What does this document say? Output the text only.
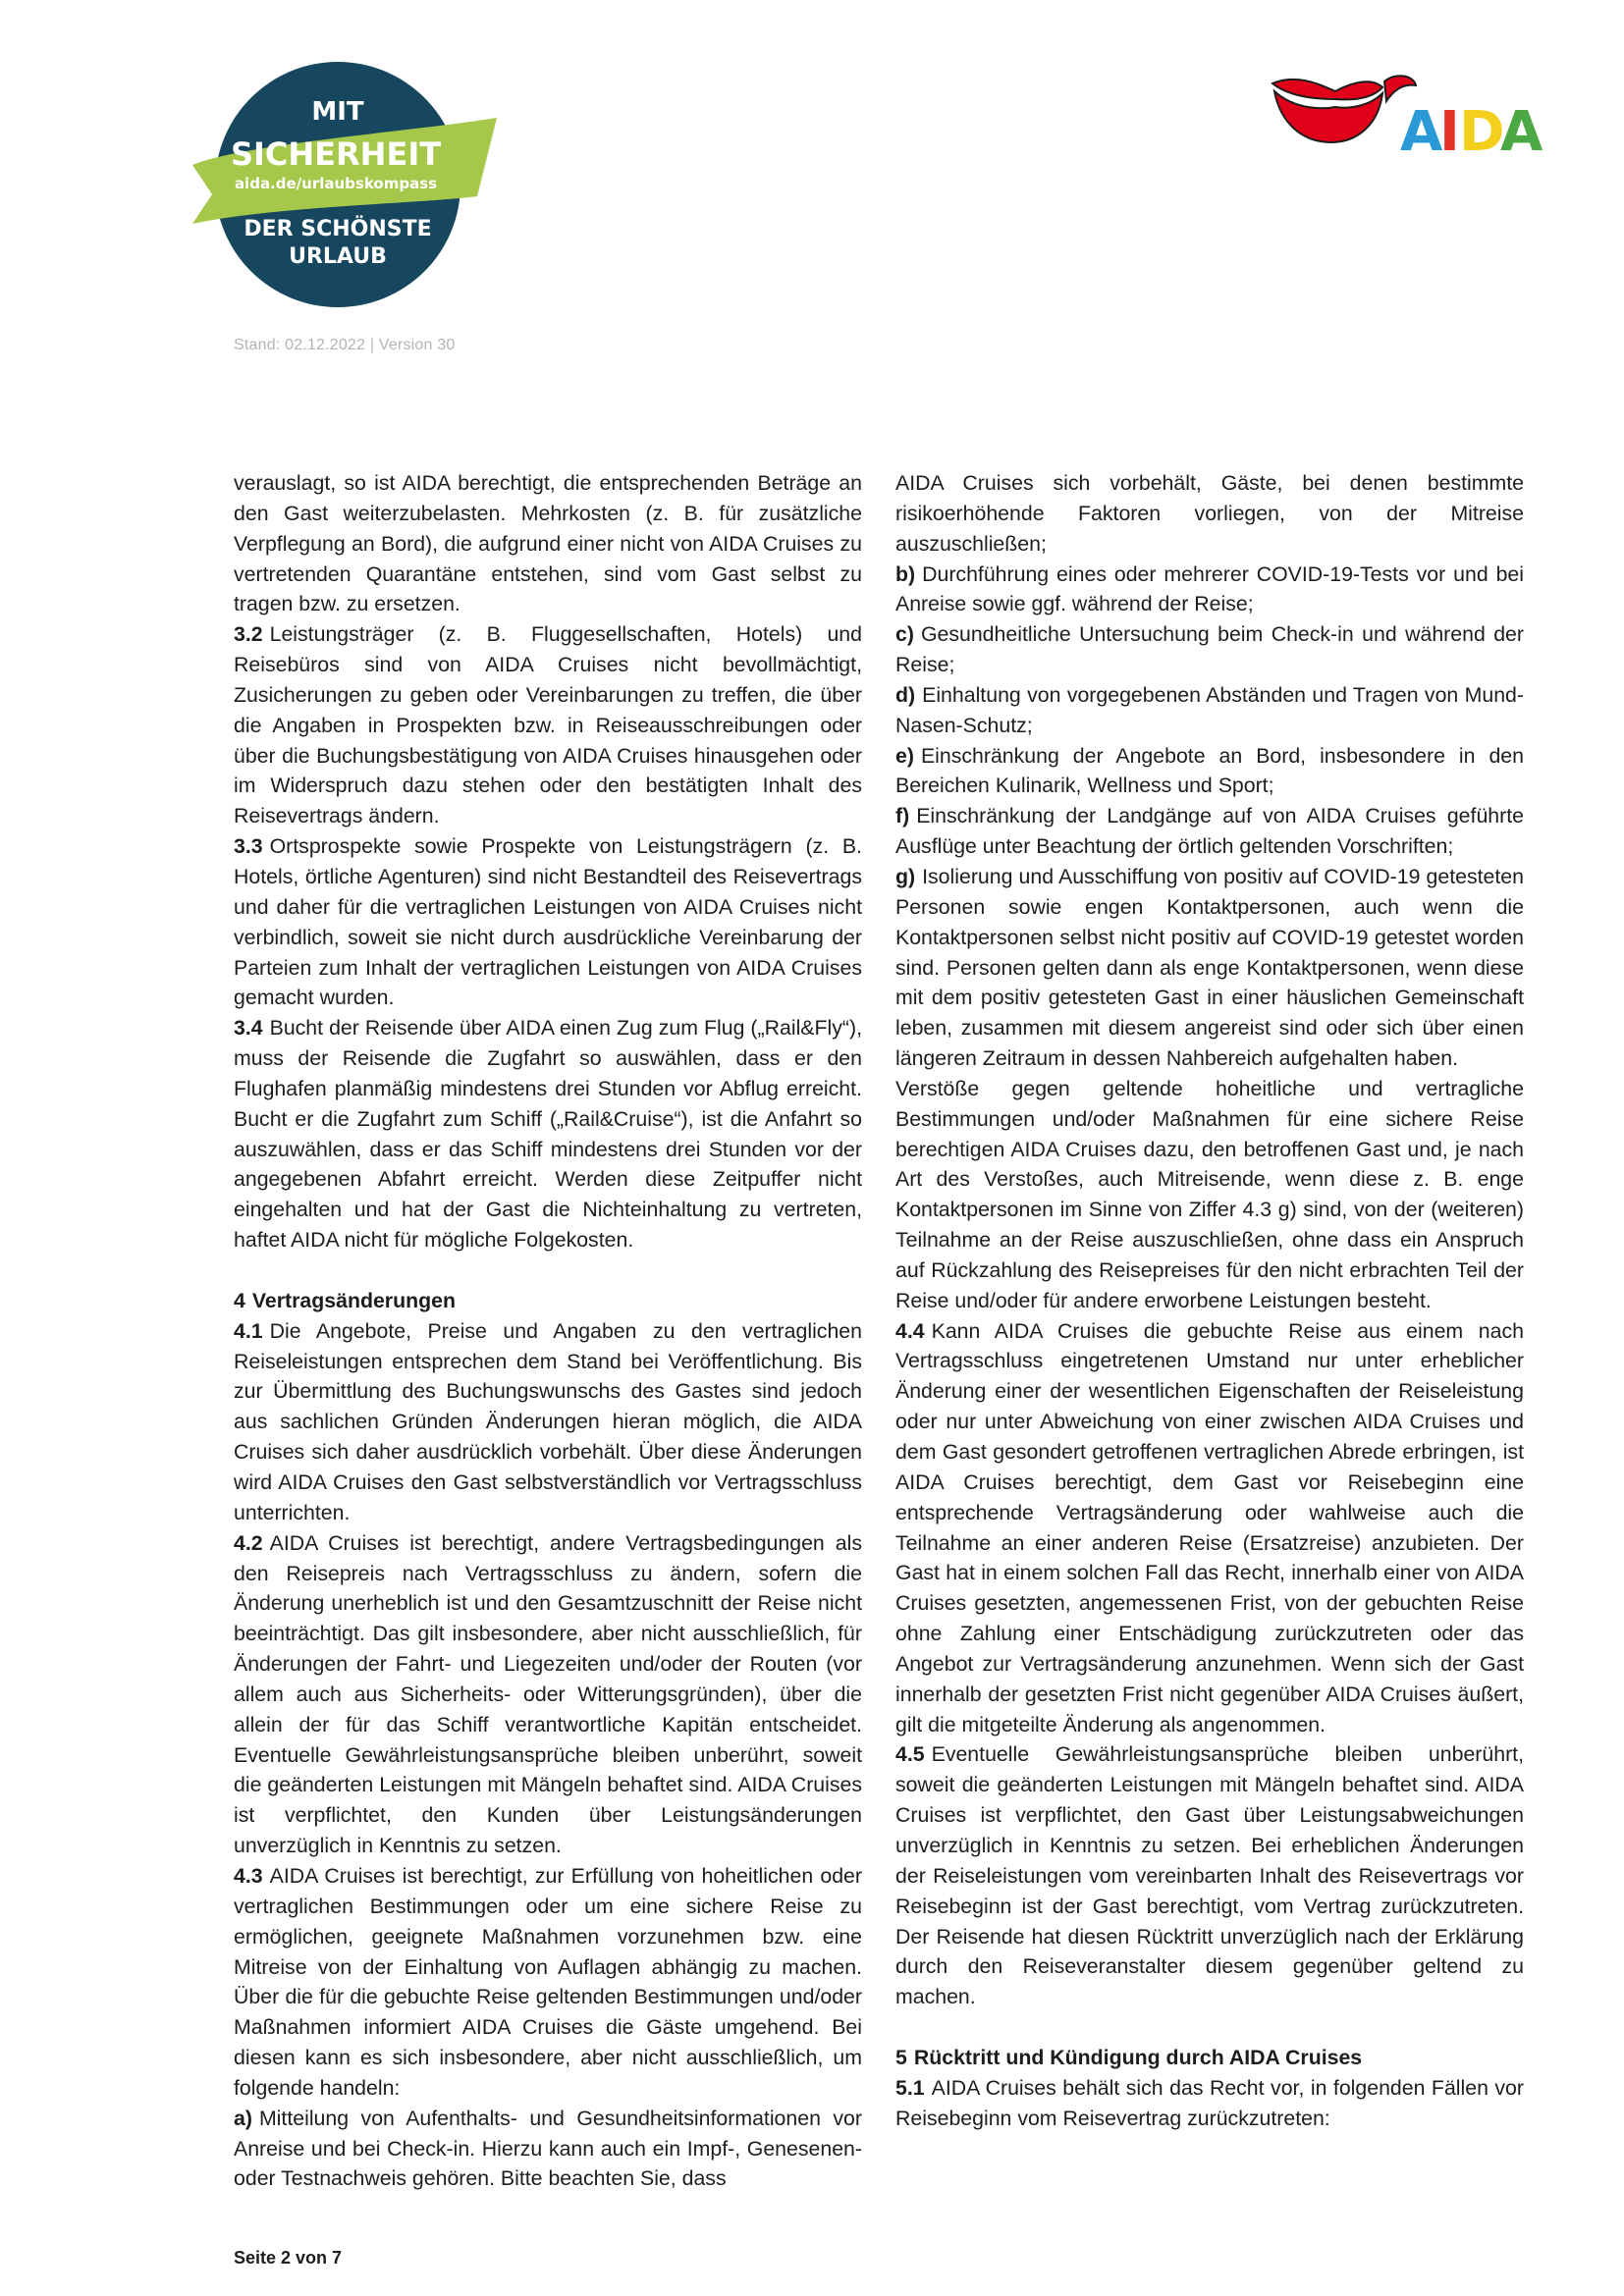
MIT
SICHERHEIT
aida.de/urlaubskompass
DER SCHÖNSTE
URLAUB
A
I D
A
Stand: 02.12.2022 | Version 30

verauslagt, so ist AIDA berechtigt, die entsprechenden Beträge an den Gast weiterzubelasten. Mehrkosten (z. B. für zusätzliche Verpflegung an Bord), die aufgrund einer nicht von AIDA Cruises zu vertretenden Quarantäne entstehen, sind vom Gast selbst zu tragen bzw. zu ersetzen.

3.2 Leistungsträger (z. B. Fluggesellschaften, Hotels) und Reisebüros sind von AIDA Cruises nicht bevollmächtigt, Zusicherungen zu geben oder Vereinbarungen zu treffen, die über die Angaben in Prospekten bzw. in Reiseausschreibungen oder über die Buchungsbestätigung von AIDA Cruises hinausgehen oder im Widerspruch dazu stehen oder den bestätigten Inhalt des Reisevertrags ändern.

3.3 Ortsprospekte sowie Prospekte von Leistungsträgern (z. B. Hotels, örtliche Agenturen) sind nicht Bestandteil des Reisevertrags und daher für die vertraglichen Leistungen von AIDA Cruises nicht verbindlich, soweit sie nicht durch ausdrückliche Vereinbarung der Parteien zum Inhalt der vertraglichen Leistungen von AIDA Cruises gemacht wurden.

3.4 Bucht der Reisende über AIDA einen Zug zum Flug („Rail&Fly“), muss der Reisende die Zugfahrt so auswählen, dass er den Flughafen planmäßig mindestens drei Stunden vor Abflug erreicht. Bucht er die Zugfahrt zum Schiff („Rail&Cruise“), ist die Anfahrt so auszuwählen, dass er das Schiff mindestens drei Stunden vor der angegebenen Abfahrt erreicht. Werden diese Zeitpuffer nicht eingehalten und hat der Gast die Nichteinhaltung zu vertreten, haftet AIDA nicht für mögliche Folgekosten.

4 Vertragsänderungen

4.1 Die Angebote, Preise und Angaben zu den vertraglichen Reiseleistungen entsprechen dem Stand bei Veröffentlichung. Bis zur Übermittlung des Buchungswunschs des Gastes sind jedoch aus sachlichen Gründen Änderungen hieran möglich, die AIDA Cruises sich daher ausdrücklich vorbehält. Über diese Änderungen wird AIDA Cruises den Gast selbstverständlich vor Vertragsschluss unterrichten.

4.2 AIDA Cruises ist berechtigt, andere Vertragsbedingungen als den Reisepreis nach Vertragsschluss zu ändern, sofern die Änderung unerheblich ist und den Gesamtzuschnitt der Reise nicht beeinträchtigt. Das gilt insbesondere, aber nicht ausschließlich, für Änderungen der Fahrt- und Liegezeiten und/oder der Routen (vor allem auch aus Sicherheits- oder Witterungsgründen), über die allein der für das Schiff verantwortliche Kapitän entscheidet. Eventuelle Gewährleistungsansprüche bleiben unberührt, soweit die geänderten Leistungen mit Mängeln behaftet sind. AIDA Cruises ist verpflichtet, den Kunden über Leistungsänderungen unverzüglich in Kenntnis zu setzen.

4.3 AIDA Cruises ist berechtigt, zur Erfüllung von hoheitlichen oder vertraglichen Bestimmungen oder um eine sichere Reise zu ermöglichen, geeignete Maßnahmen vorzunehmen bzw. eine Mitreise von der Einhaltung von Auflagen abhängig zu machen. Über die für die gebuchte Reise geltenden Bestimmungen und/oder Maßnahmen informiert AIDA Cruises die Gäste umgehend. Bei diesen kann es sich insbesondere, aber nicht ausschließlich, um folgende handeln:

a) Mitteilung von Aufenthalts- und Gesundheitsinformationen vor Anreise und bei Check-in. Hierzu kann auch ein Impf-, Genesenen- oder Testnachweis gehören. Bitte beachten Sie, dass

AIDA Cruises sich vorbehält, Gäste, bei denen bestimmte risikoerhöhende Faktoren vorliegen, von der Mitreise auszuschließen;

b) Durchführung eines oder mehrerer COVID-19-Tests vor und bei Anreise sowie ggf. während der Reise;

c) Gesundheitliche Untersuchung beim Check-in und während der Reise;

d) Einhaltung von vorgegebenen Abständen und Tragen von Mund-Nasen-Schutz;

e) Einschränkung der Angebote an Bord, insbesondere in den Bereichen Kulinarik, Wellness und Sport;

f) Einschränkung der Landgänge auf von AIDA Cruises geführte Ausflüge unter Beachtung der örtlich geltenden Vorschriften;

g) Isolierung und Ausschiffung von positiv auf COVID-19 getesteten Personen sowie engen Kontaktpersonen, auch wenn die Kontaktpersonen selbst nicht positiv auf COVID-19 getestet worden sind. Personen gelten dann als enge Kontaktpersonen, wenn diese mit dem positiv getesteten Gast in einer häuslichen Gemeinschaft leben, zusammen mit diesem angereist sind oder sich über einen längeren Zeitraum in dessen Nahbereich aufgehalten haben.

Verstöße gegen geltende hoheitliche und vertragliche Bestimmungen und/oder Maßnahmen für eine sichere Reise berechtigen AIDA Cruises dazu, den betroffenen Gast und, je nach Art des Verstoßes, auch Mitreisende, wenn diese z. B. enge Kontaktpersonen im Sinne von Ziffer 4.3 g) sind, von der (weiteren) Teilnahme an der Reise auszuschließen, ohne dass ein Anspruch auf Rückzahlung des Reisepreises für den nicht erbrachten Teil der Reise und/oder für andere erworbene Leistungen besteht.

4.4 Kann AIDA Cruises die gebuchte Reise aus einem nach Vertragsschluss eingetretenen Umstand nur unter erheblicher Änderung einer der wesentlichen Eigenschaften der Reiseleistung oder nur unter Abweichung von einer zwischen AIDA Cruises und dem Gast gesondert getroffenen vertraglichen Abrede erbringen, ist AIDA Cruises berechtigt, dem Gast vor Reisebeginn eine entsprechende Vertragsänderung oder wahlweise auch die Teilnahme an einer anderen Reise (Ersatzreise) anzubieten. Der Gast hat in einem solchen Fall das Recht, innerhalb einer von AIDA Cruises gesetzten, angemessenen Frist, von der gebuchten Reise ohne Zahlung einer Entschädigung zurückzutreten oder das Angebot zur Vertragsänderung anzunehmen. Wenn sich der Gast innerhalb der gesetzten Frist nicht gegenüber AIDA Cruises äußert, gilt die mitgeteilte Änderung als angenommen.

4.5 Eventuelle Gewährleistungsansprüche bleiben unberührt, soweit die geänderten Leistungen mit Mängeln behaftet sind. AIDA Cruises ist verpflichtet, den Gast über Leistungsabweichungen unverzüglich in Kenntnis zu setzen. Bei erheblichen Änderungen der Reiseleistungen vom vereinbarten Inhalt des Reisevertrags vor Reisebeginn ist der Gast berechtigt, vom Vertrag zurückzutreten. Der Reisende hat diesen Rücktritt unverzüglich nach der Erklärung durch den Reiseveranstalter diesem gegenüber geltend zu machen.

5 Rücktritt und Kündigung durch AIDA Cruises

5.1 AIDA Cruises behält sich das Recht vor, in folgenden Fällen vor Reisebeginn vom Reisevertrag zurückzutreten:

Seite 2 von 7
